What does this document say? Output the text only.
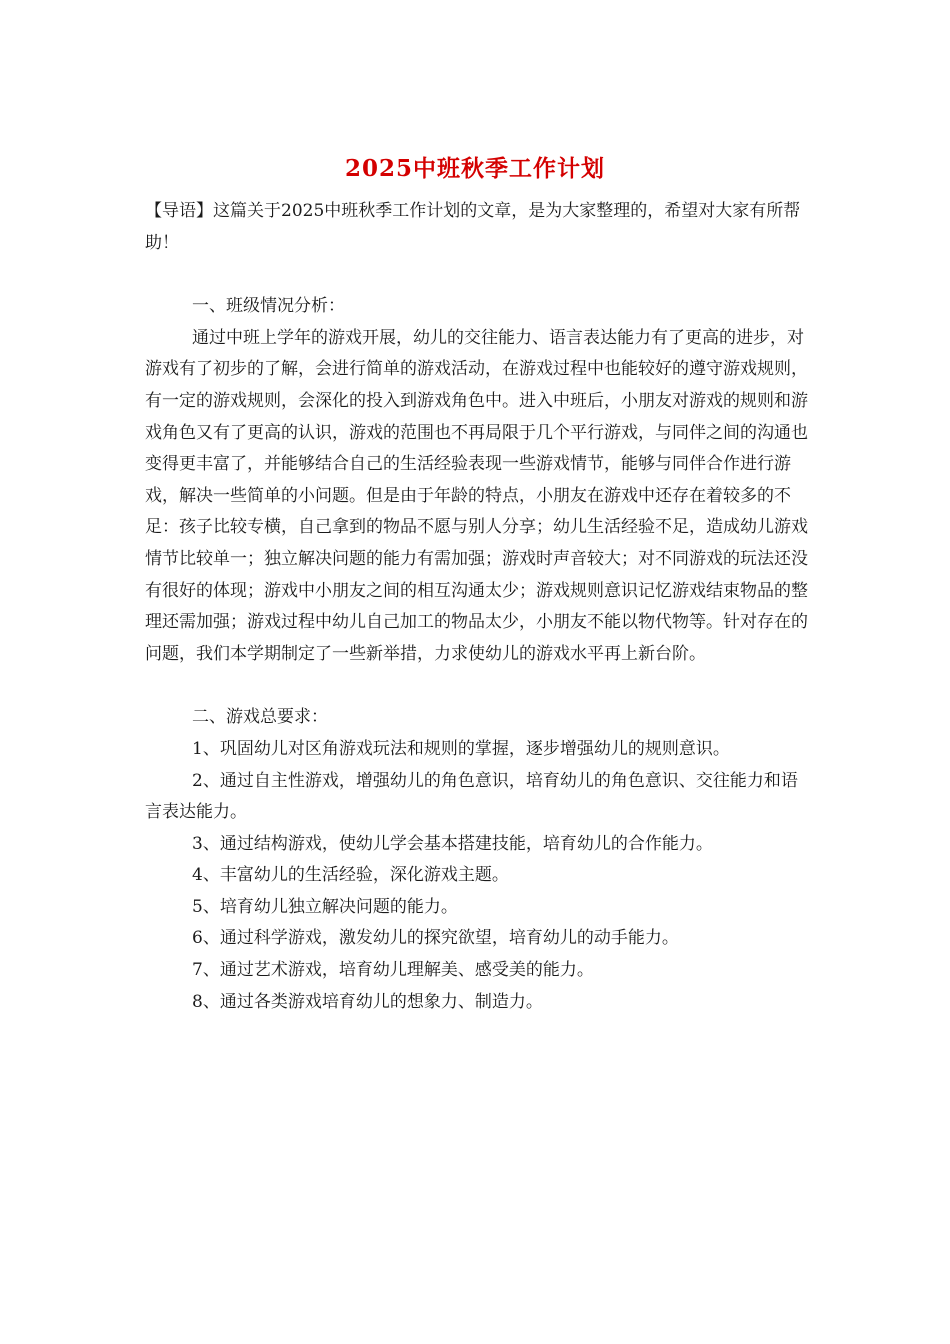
2025中班秋季工作计划

【导语】这篇关于2025中班秋季工作计划的文章，是为大家整理的，希望对大家有所帮助！

一、班级情况分析：

通过中班上学年的游戏开展，幼儿的交往能力、语言表达能力有了更高的进步，对游戏有了初步的了解，会进行简单的游戏活动，在游戏过程中也能较好的遵守游戏规则，有一定的游戏规则，会深化的投入到游戏角色中。进入中班后，小朋友对游戏的规则和游戏角色又有了更高的认识，游戏的范围也不再局限于几个平行游戏，与同伴之间的沟通也变得更丰富了，并能够结合自己的生活经验表现一些游戏情节，能够与同伴合作进行游戏，解决一些简单的小问题。但是由于年龄的特点，小朋友在游戏中还存在着较多的不足：孩子比较专横，自己拿到的物品不愿与别人分享；幼儿生活经验不足，造成幼儿游戏情节比较单一；独立解决问题的能力有需加强；游戏时声音较大；对不同游戏的玩法还没有很好的体现；游戏中小朋友之间的相互沟通太少；游戏规则意识记忆游戏结束物品的整理还需加强；游戏过程中幼儿自己加工的物品太少，小朋友不能以物代物等。针对存在的问题，我们本学期制定了一些新举措，力求使幼儿的游戏水平再上新台阶。

二、游戏总要求：

1、巩固幼儿对区角游戏玩法和规则的掌握，逐步增强幼儿的规则意识。

2、通过自主性游戏，增强幼儿的角色意识，培育幼儿的角色意识、交往能力和语言表达能力。

3、通过结构游戏，使幼儿学会基本搭建技能，培育幼儿的合作能力。

4、丰富幼儿的生活经验，深化游戏主题。

5、培育幼儿独立解决问题的能力。

6、通过科学游戏，激发幼儿的探究欲望，培育幼儿的动手能力。

7、通过艺术游戏，培育幼儿理解美、感受美的能力。

8、通过各类游戏培育幼儿的想象力、制造力。
